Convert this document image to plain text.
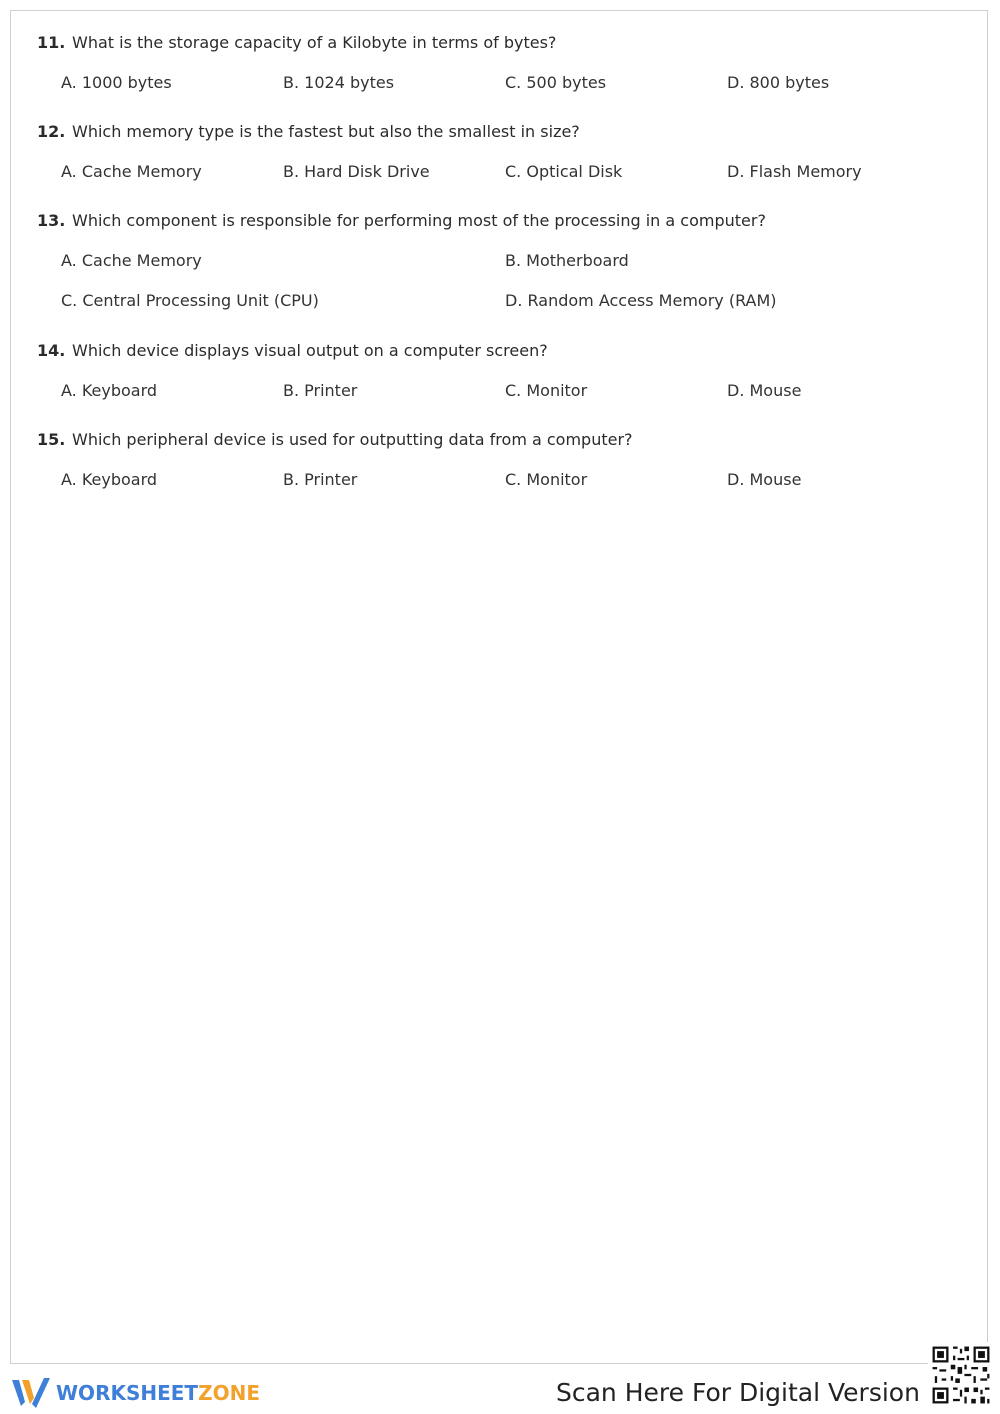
11. What is the storage capacity of a Kilobyte in terms of bytes?
A. 1000 bytes	B. 1024 bytes	C. 500 bytes	D. 800 bytes
12. Which memory type is the fastest but also the smallest in size?
A. Cache Memory	B. Hard Disk Drive	C. Optical Disk	D. Flash Memory
13. Which component is responsible for performing most of the processing in a computer?
A. Cache Memory	B. Motherboard
C. Central Processing Unit (CPU)	D. Random Access Memory (RAM)
14. Which device displays visual output on a computer screen?
A. Keyboard	B. Printer	C. Monitor	D. Mouse
15. Which peripheral device is used for outputting data from a computer?
A. Keyboard	B. Printer	C. Monitor	D. Mouse
WORKSHEETZONE	Scan Here For Digital Version
